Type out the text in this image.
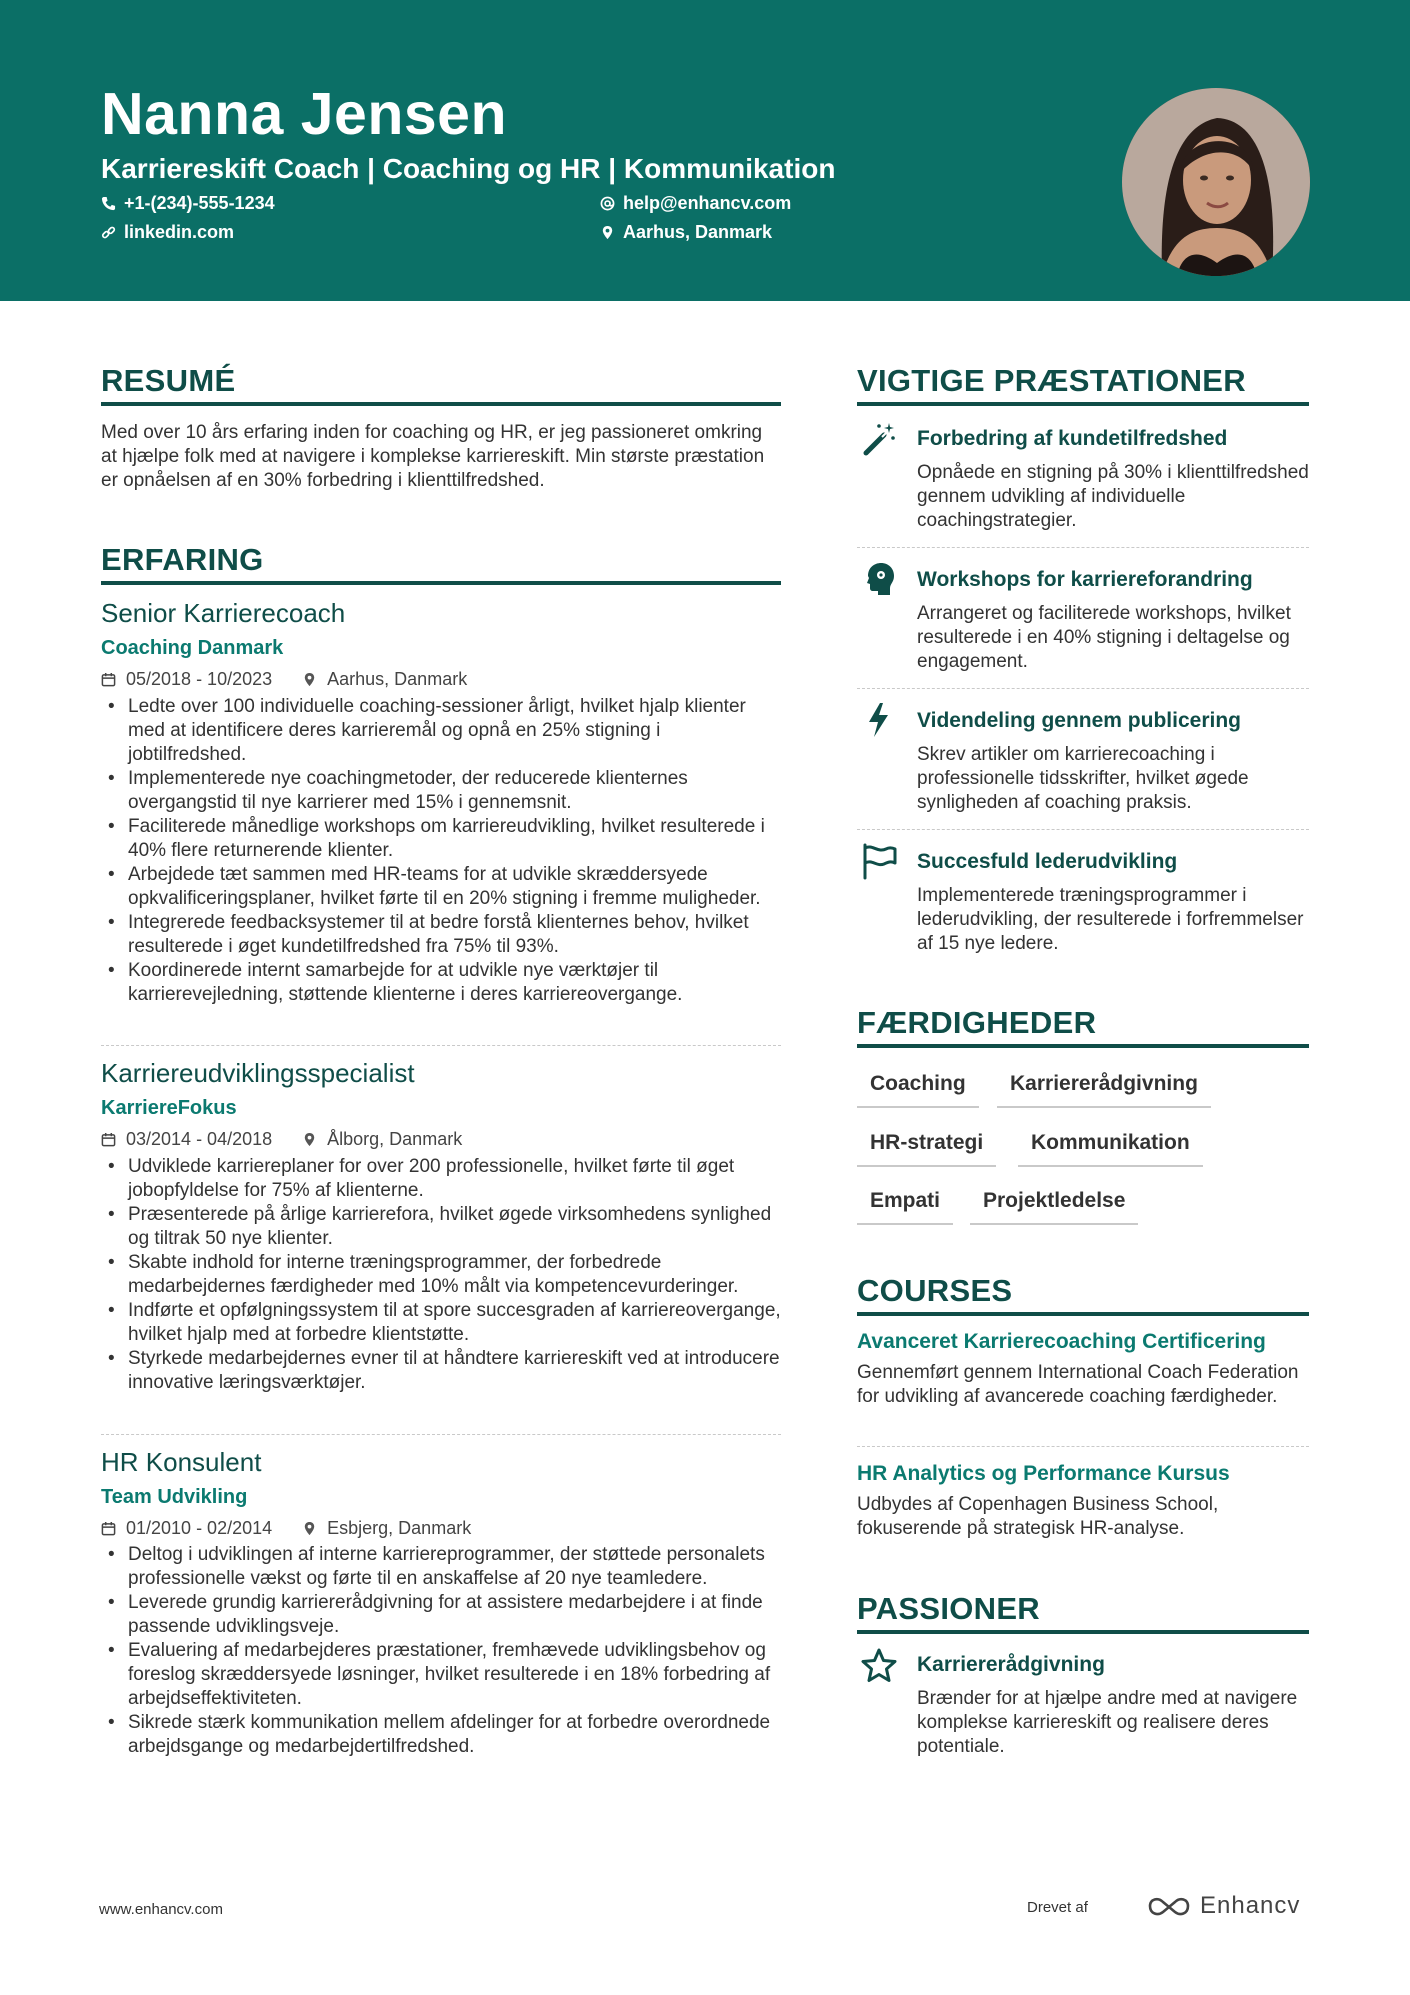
Nanna Jensen
Karriereskift Coach | Coaching og HR | Kommunikation
+1-(234)-555-1234	help@enhancv.com
linkedin.com	Aarhus, Danmark
RESUMÉ
Med over 10 års erfaring inden for coaching og HR, er jeg passioneret omkring at hjælpe folk med at navigere i komplekse karriereskift. Min største præstation er opnåelsen af en 30% forbedring i klienttilfredshed.
ERFARING
Senior Karrierecoach
Coaching Danmark
05/2018 - 10/2023	Aarhus, Danmark
• Ledte over 100 individuelle coaching-sessioner årligt, hvilket hjalp klienter med at identificere deres karrieremål og opnå en 25% stigning i jobtilfredshed.
• Implementerede nye coachingmetoder, der reducerede klienternes overgangstid til nye karrierer med 15% i gennemsnit.
• Faciliterede månedlige workshops om karriereudvikling, hvilket resulterede i 40% flere returnerende klienter.
• Arbejdede tæt sammen med HR-teams for at udvikle skræddersyede opkvalificeringsplaner, hvilket førte til en 20% stigning i fremme muligheder.
• Integrerede feedbacksystemer til at bedre forstå klienternes behov, hvilket resulterede i øget kundetilfredshed fra 75% til 93%.
• Koordinerede internt samarbejde for at udvikle nye værktøjer til karrierevejledning, støttende klienterne i deres karriereovergange.
Karriereudviklingsspecialist
KarriereFokus
03/2014 - 04/2018	Ålborg, Danmark
• Udviklede karriereplaner for over 200 professionelle, hvilket førte til øget jobopfyldelse for 75% af klienterne.
• Præsenterede på årlige karrierefora, hvilket øgede virksomhedens synlighed og tiltrak 50 nye klienter.
• Skabte indhold for interne træningsprogrammer, der forbedrede medarbejdernes færdigheder med 10% målt via kompetencevurderinger.
• Indførte et opfølgningssystem til at spore succesgraden af karriereovergange, hvilket hjalp med at forbedre klientstøtte.
• Styrkede medarbejdernes evner til at håndtere karriereskift ved at introducere innovative læringsværktøjer.
HR Konsulent
Team Udvikling
01/2010 - 02/2014	Esbjerg, Danmark
• Deltog i udviklingen af interne karriereprogrammer, der støttede personalets professionelle vækst og førte til en anskaffelse af 20 nye teamledere.
• Leverede grundig karriererådgivning for at assistere medarbejdere i at finde passende udviklingsveje.
• Evaluering af medarbejderes præstationer, fremhævede udviklingsbehov og foreslog skræddersyede løsninger, hvilket resulterede i en 18% forbedring af arbejdseffektiviteten.
• Sikrede stærk kommunikation mellem afdelinger for at forbedre overordnede arbejdsgange og medarbejdertilfredshed.
VIGTIGE PRÆSTATIONER
Forbedring af kundetilfredshed
Opnåede en stigning på 30% i klienttilfredshed gennem udvikling af individuelle coachingstrategier.
Workshops for karriereforandring
Arrangeret og faciliterede workshops, hvilket resulterede i en 40% stigning i deltagelse og engagement.
Videndeling gennem publicering
Skrev artikler om karrierecoaching i professionelle tidsskrifter, hvilket øgede synligheden af coaching praksis.
Succesfuld lederudvikling
Implementerede træningsprogrammer i lederudvikling, der resulterede i forfremmelser af 15 nye ledere.
FÆRDIGHEDER
Coaching	Karriererådgivning
HR-strategi	Kommunikation
Empati	Projektledelse
COURSES
Avanceret Karrierecoaching Certificering
Gennemført gennem International Coach Federation for udvikling af avancerede coaching færdigheder.
HR Analytics og Performance Kursus
Udbydes af Copenhagen Business School, fokuserende på strategisk HR-analyse.
PASSIONER
Karriererådgivning
Brænder for at hjælpe andre med at navigere komplekse karriereskift og realisere deres potentiale.
www.enhancv.com	Drevet af	Enhancv
